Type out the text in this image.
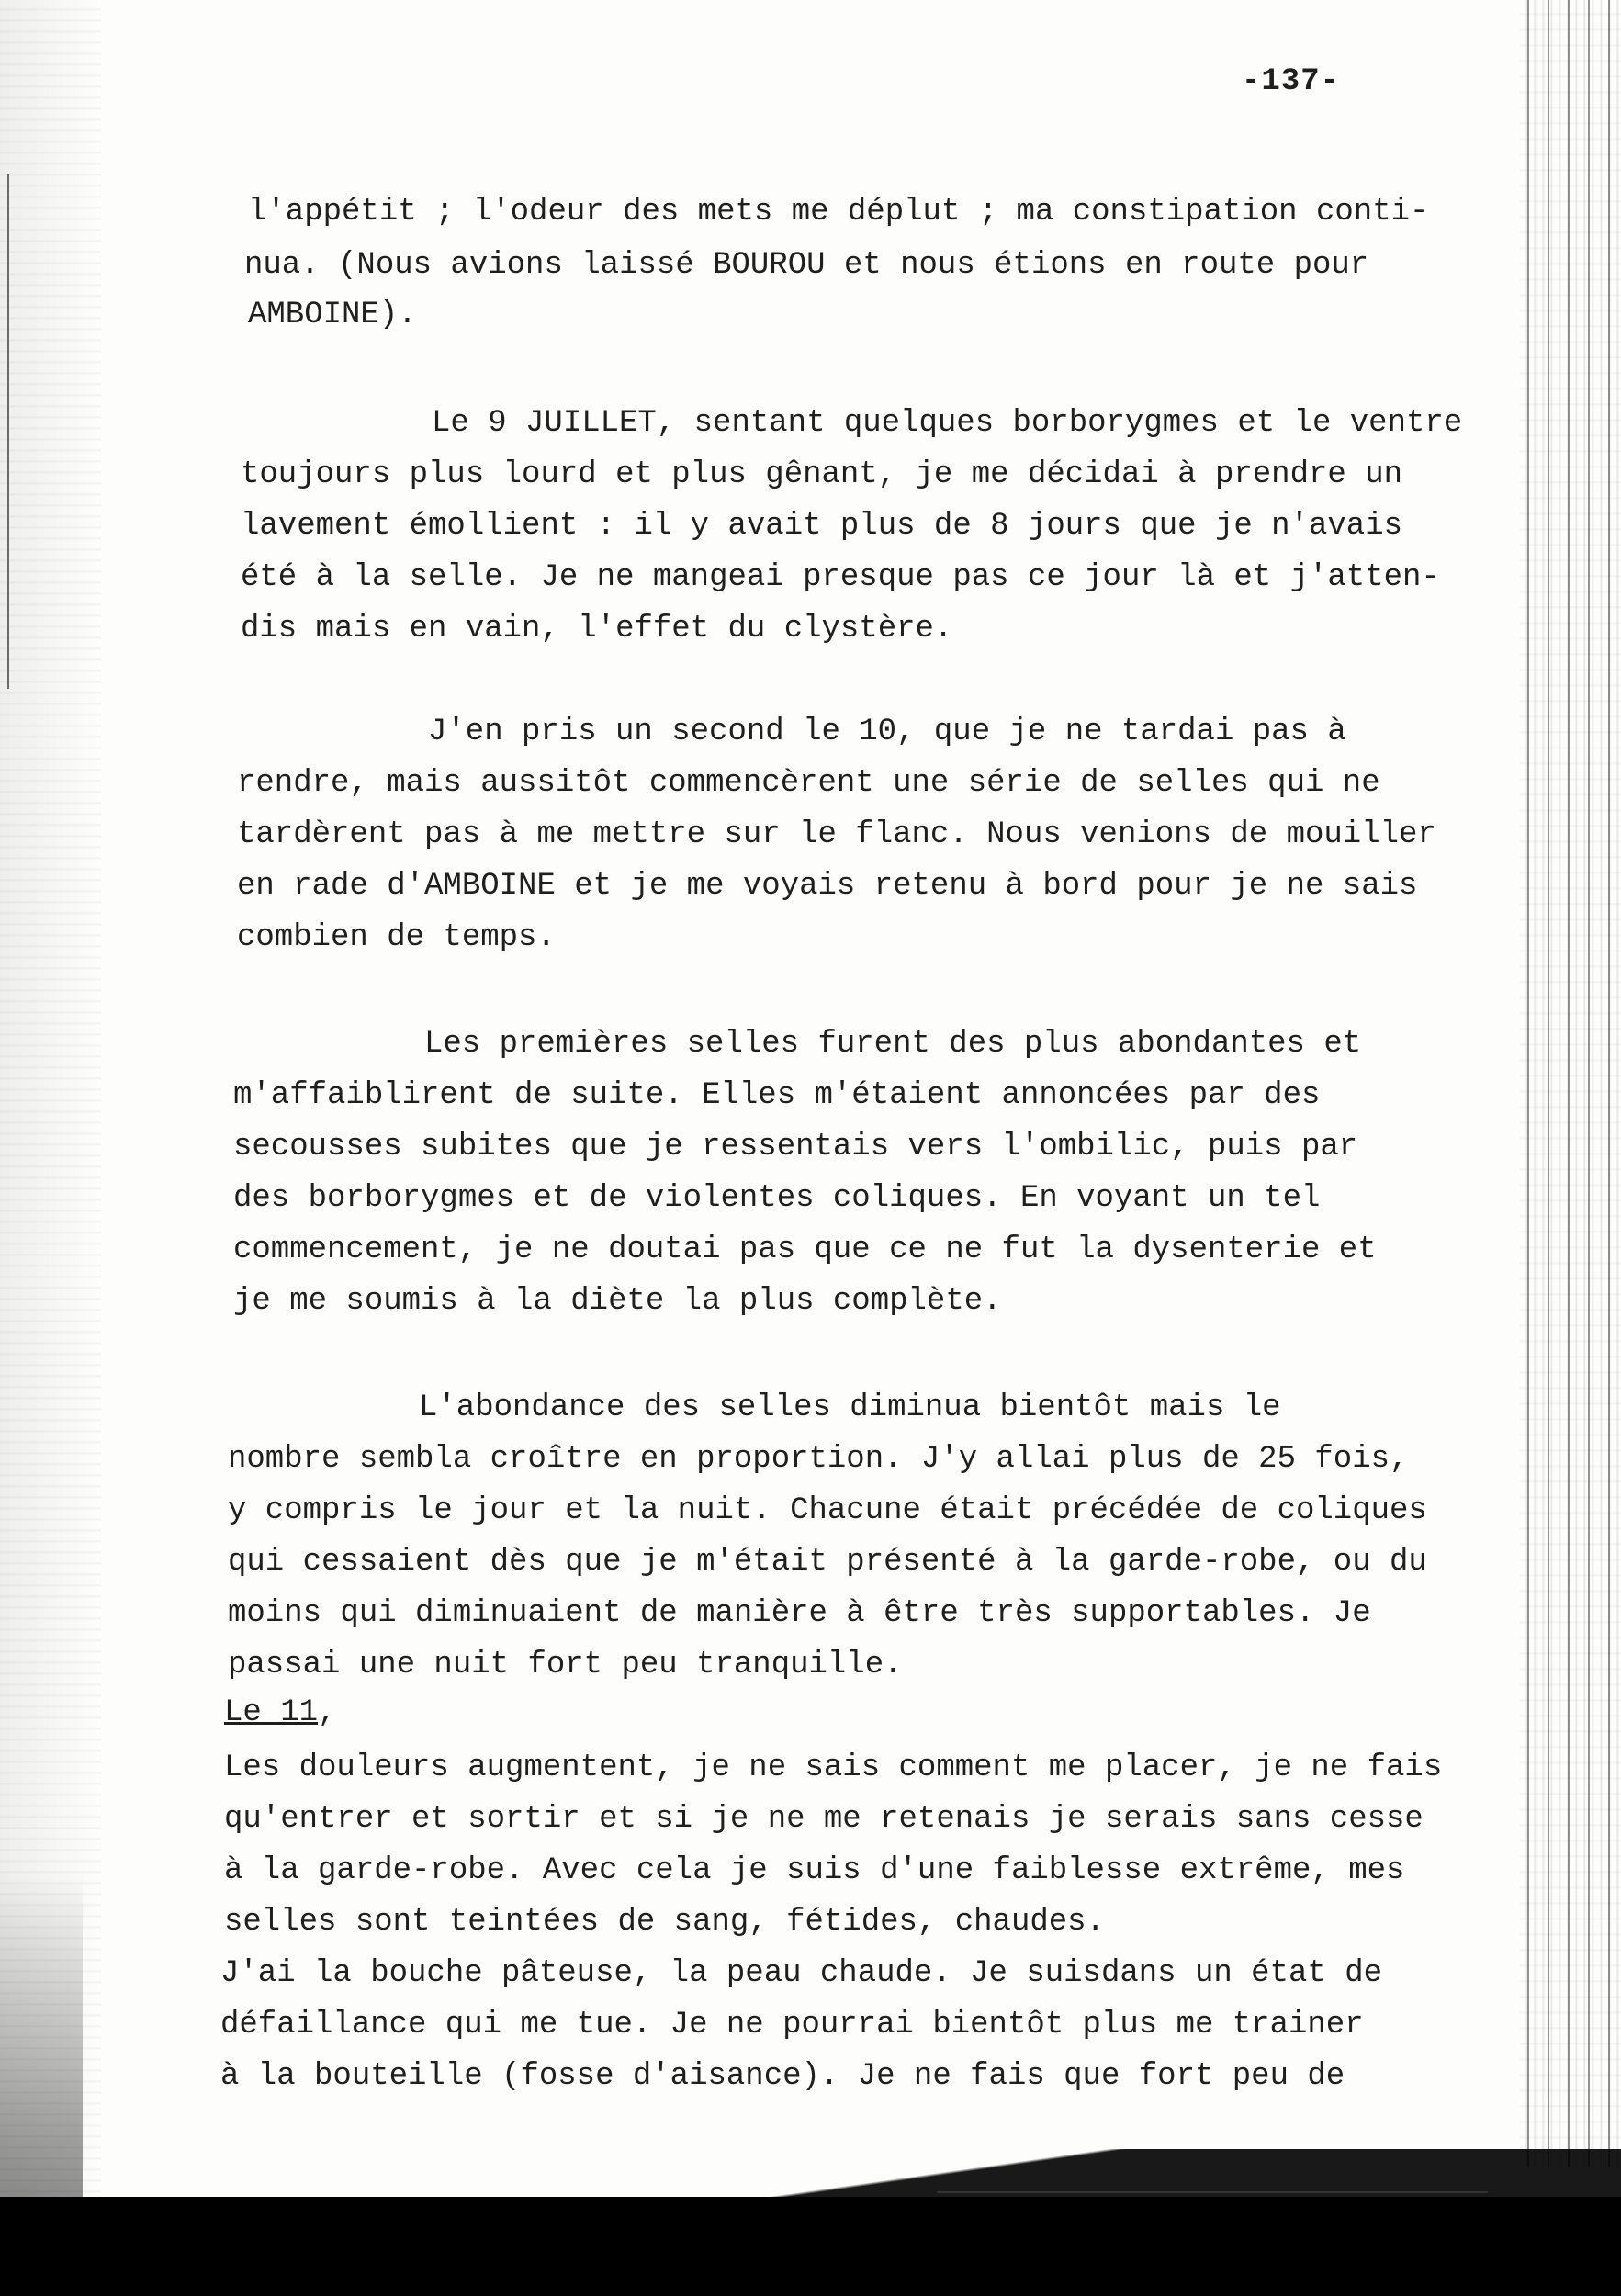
-137-
l'appétit ; l'odeur des mets me déplut ; ma constipation conti-
nua. (Nous avions laissé BOUROU et nous étions en route pour
AMBOINE).
Le 9 JUILLET, sentant quelques borborygmes et le ventre
toujours plus lourd et plus gênant, je me décidai à prendre un
lavement émollient : il y avait plus de 8 jours que je n'avais
été à la selle. Je ne mangeai presque pas ce jour là et j'atten-
dis mais en vain, l'effet du clystère.
J'en pris un second le 10, que je ne tardai pas à
rendre, mais aussitôt commencèrent une série de selles qui ne
tardèrent pas à me mettre sur le flanc. Nous venions de mouiller
en rade d'AMBOINE et je me voyais retenu à bord pour je ne sais
combien de temps.
Les premières selles furent des plus abondantes et
m'affaiblirent de suite. Elles m'étaient annoncées par des
secousses subites que je ressentais vers l'ombilic, puis par
des borborygmes et de violentes coliques. En voyant un tel
commencement, je ne doutai pas que ce ne fut la dysenterie et
je me soumis à la diète la plus complète.
L'abondance des selles diminua bientôt mais le
nombre sembla croître en proportion. J'y allai plus de 25 fois,
y compris le jour et la nuit. Chacune était précédée de coliques
qui cessaient dès que je m'était présenté à la garde-robe, ou du
moins qui diminuaient de manière à être très supportables. Je
passai une nuit fort peu tranquille.
Le 11,
Les douleurs augmentent, je ne sais comment me placer, je ne fais
qu'entrer et sortir et si je ne me retenais je serais sans cesse
à la garde-robe. Avec cela je suis d'une faiblesse extrême, mes
selles sont teintées de sang, fétides, chaudes.
J'ai la bouche pâteuse, la peau chaude. Je suisdans un état de
défaillance qui me tue. Je ne pourrai bientôt plus me trainer
à la bouteille (fosse d'aisance). Je ne fais que fort peu de
